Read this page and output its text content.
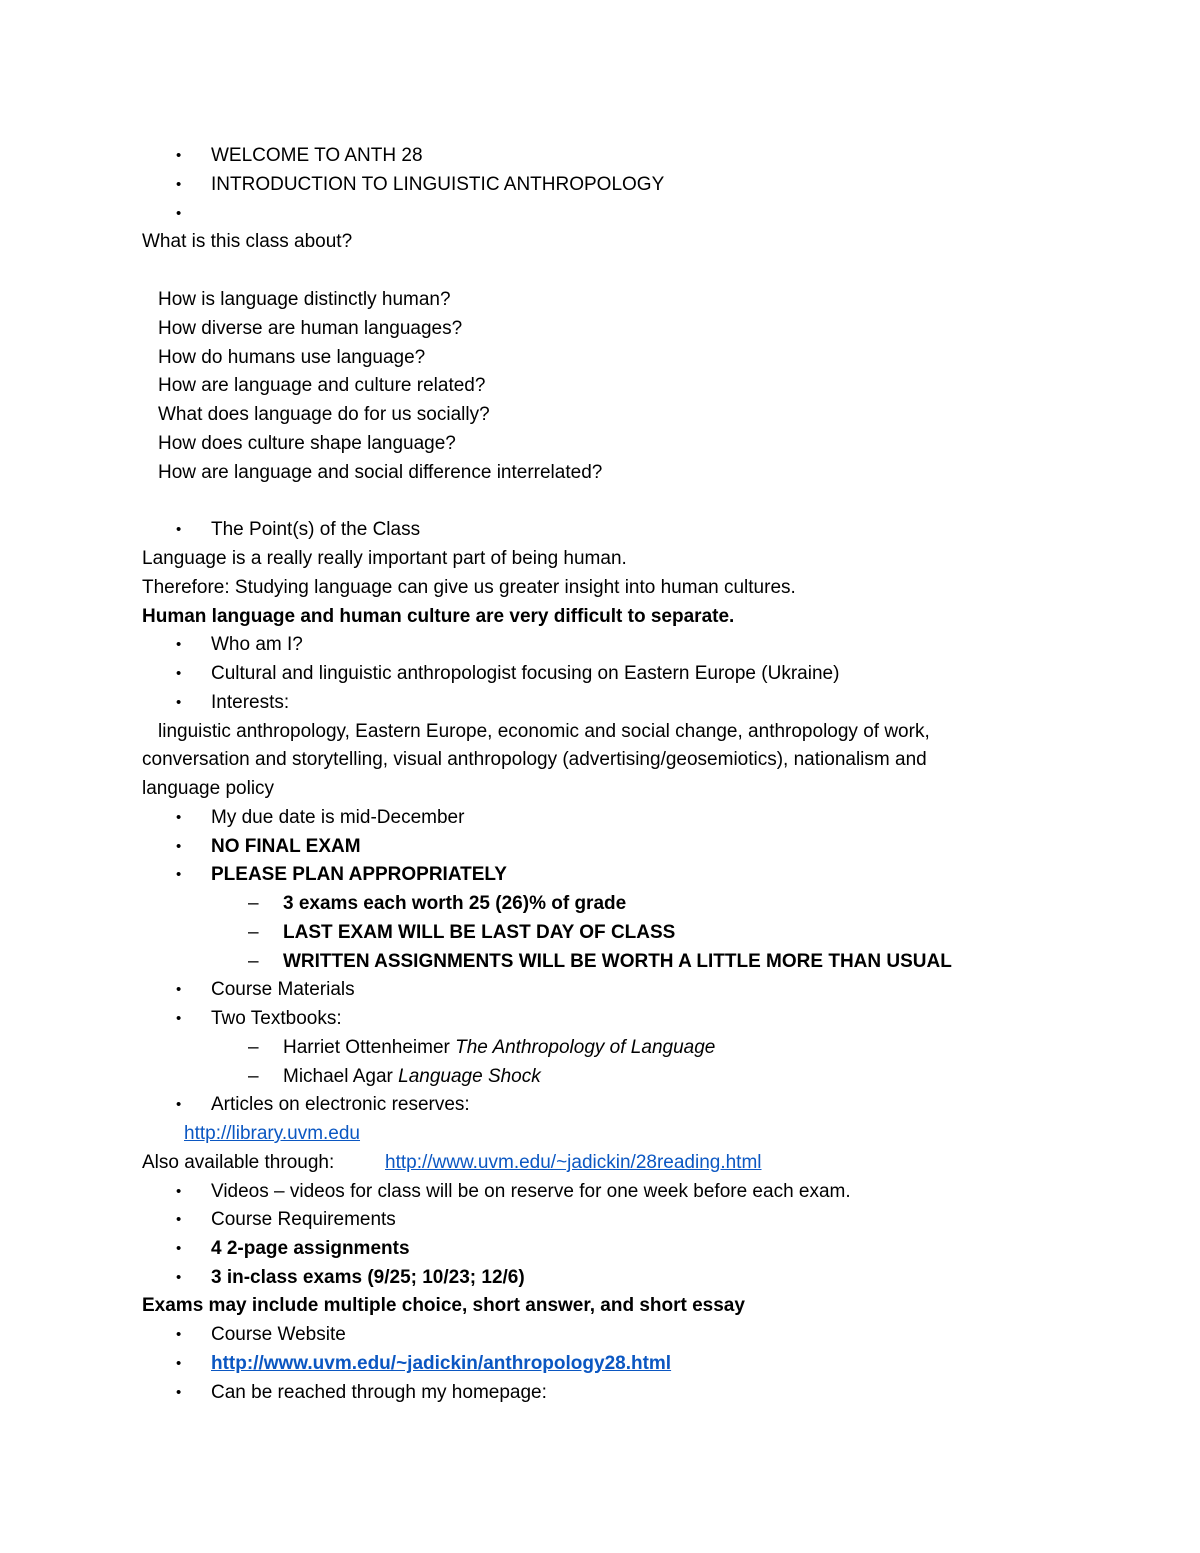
• WELCOME TO ANTH 28
• INTRODUCTION TO LINGUISTIC ANTHROPOLOGY
•
What is this class about?
How is language distinctly human?
How diverse are human languages?
How do humans use language?
How are language and culture related?
What does language do for us socially?
How does culture shape language?
How are language and social difference interrelated?
• The Point(s) of the Class
Language is a really really important part of being human.
Therefore: Studying language can give us greater insight into human cultures.
Human language and human culture are very difficult to separate.
• Who am I?
• Cultural and linguistic anthropologist focusing on Eastern Europe (Ukraine)
• Interests:
linguistic anthropology, Eastern Europe, economic and social change, anthropology of work,
conversation and storytelling, visual anthropology (advertising/geosemiotics), nationalism and
language policy
• My due date is mid-December
• NO FINAL EXAM
• PLEASE PLAN APPROPRIATELY
– 3 exams each worth 25 (26)% of grade
– LAST EXAM WILL BE LAST DAY OF CLASS
– WRITTEN ASSIGNMENTS WILL BE WORTH A LITTLE MORE THAN USUAL
• Course Materials
• Two Textbooks:
– Harriet Ottenheimer The Anthropology of Language
– Michael Agar Language Shock
• Articles on electronic reserves:
http://library.uvm.edu
Also available through:	http://www.uvm.edu/~jadickin/28reading.html
• Videos – videos for class will be on reserve for one week before each exam.
• Course Requirements
• 4 2-page assignments
• 3 in-class exams (9/25; 10/23; 12/6)
Exams may include multiple choice, short answer, and short essay
• Course Website
• http://www.uvm.edu/~jadickin/anthropology28.html
• Can be reached through my homepage:
